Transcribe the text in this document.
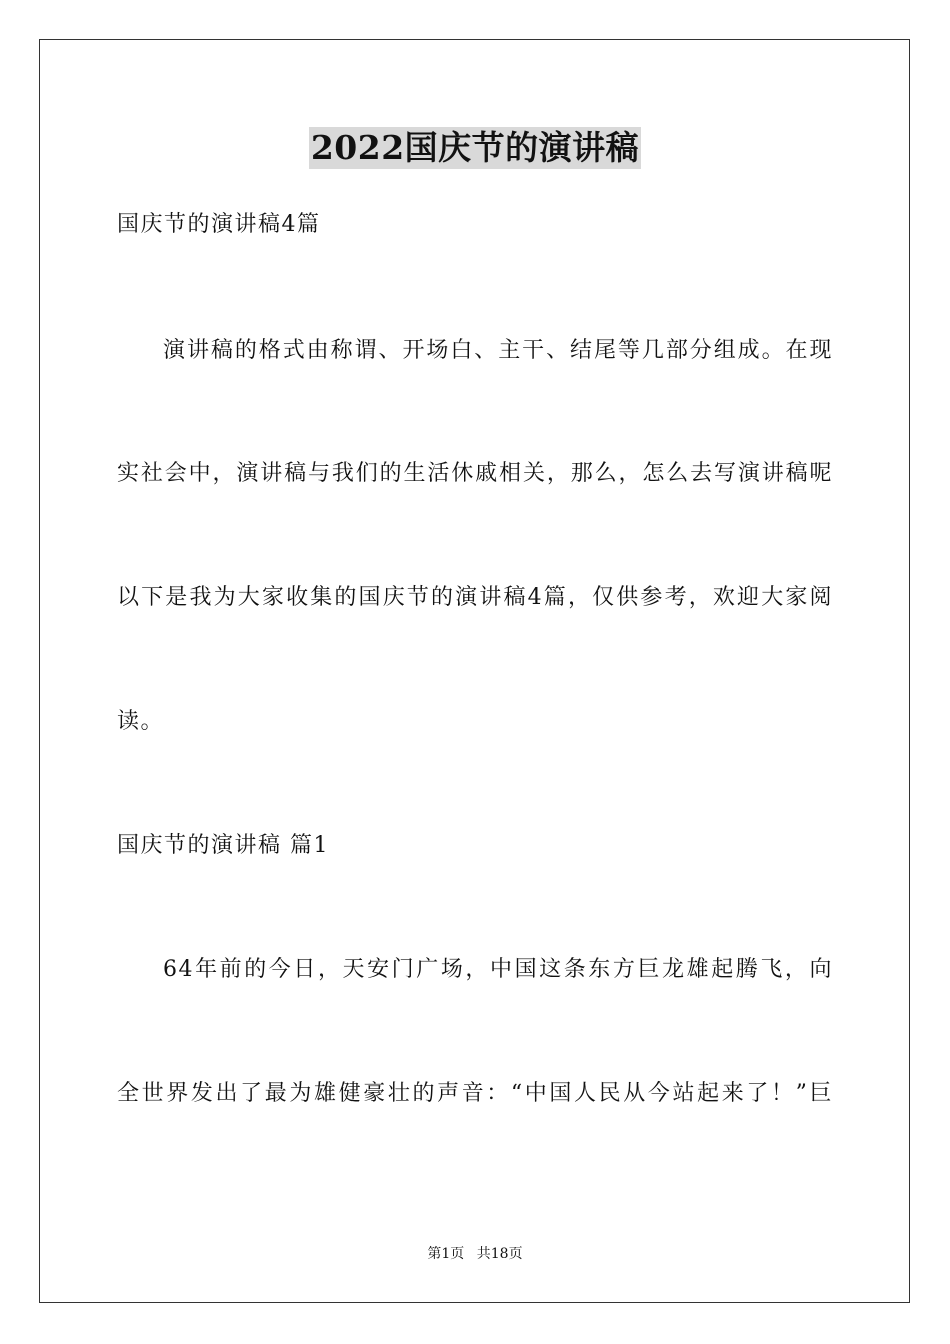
2022国庆节的演讲稿
国庆节的演讲稿4篇
演讲稿的格式由称谓、开场白、主干、结尾等几部分组成。在现
实社会中，演讲稿与我们的生活休戚相关，那么，怎么去写演讲稿呢
以下是我为大家收集的国庆节的演讲稿4篇，仅供参考，欢迎大家阅
读。
国庆节的演讲稿 篇1
64年前的今日，天安门广场，中国这条东方巨龙雄起腾飞，向
全世界发出了最为雄健豪壮的声音：“中国人民从今站起来了！”巨
第1页 共18页
